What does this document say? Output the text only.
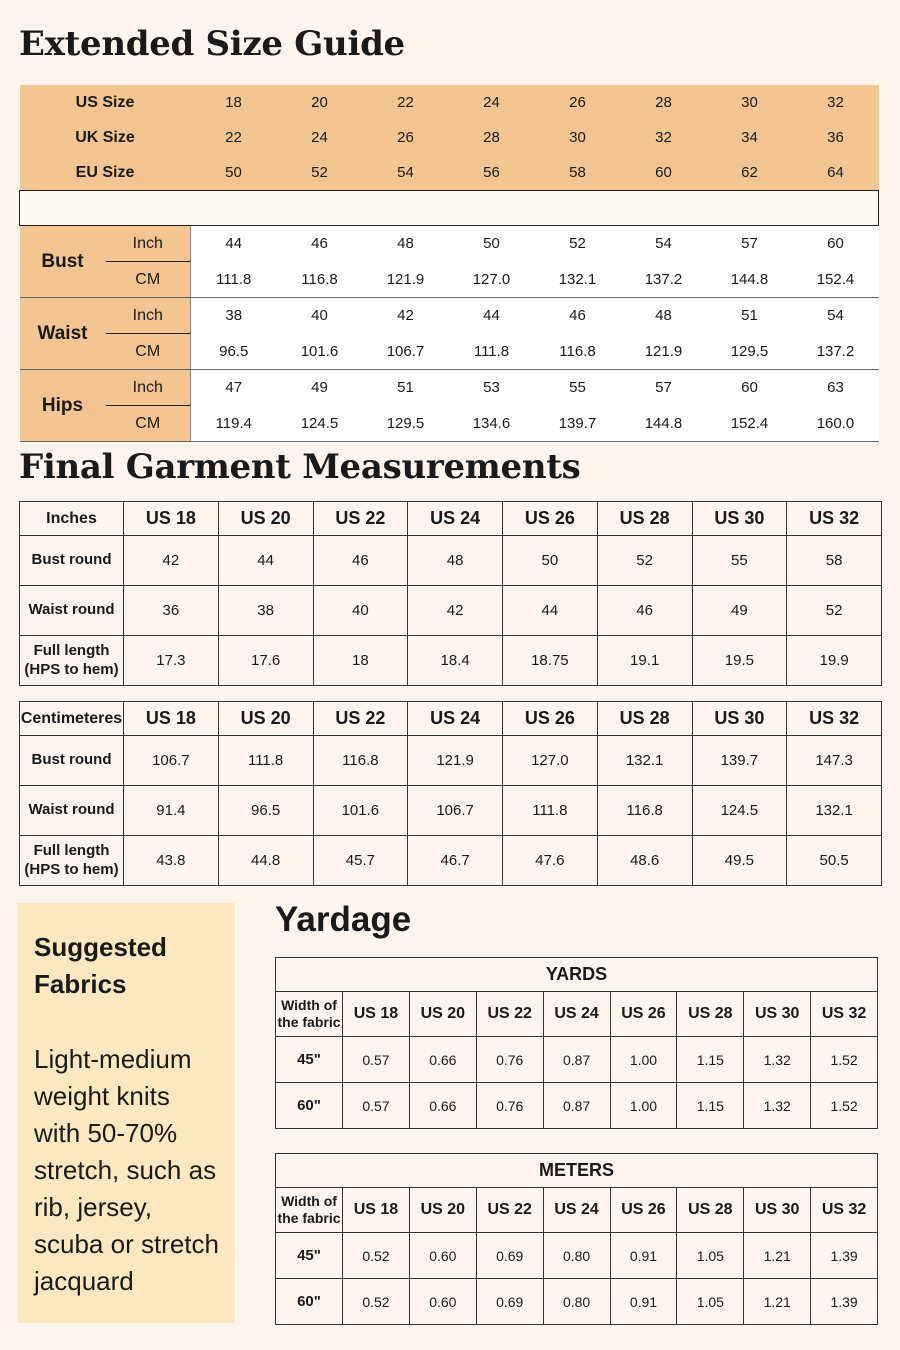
Extended Size Guide
US Size		18	20	22	24	26	28	30	32
UK Size		22	24	26	28	30	32	34	36
EU Size		50	52	54	56	58	60	62	64

Bust	Inch	44	46	48	50	52	54	57	60
	CM	111.8	116.8	121.9	127.0	132.1	137.2	144.8	152.4
Waist	Inch	38	40	42	44	46	48	51	54
	CM	96.5	101.6	106.7	111.8	116.8	121.9	129.5	137.2
Hips	Inch	47	49	51	53	55	57	60	63
	CM	119.4	124.5	129.5	134.6	139.7	144.8	152.4	160.0
Final Garment Measurements
Inches	US 18	US 20	US 22	US 24	US 26	US 28	US 30	US 32
Bust round	42	44	46	48	50	52	55	58
Waist round	36	38	40	42	44	46	49	52
Full length
(HPS to hem)	17.3	17.6	18	18.4	18.75	19.1	19.5	19.9
Centimeteres	US 18	US 20	US 22	US 24	US 26	US 28	US 30	US 32
Bust round	106.7	111.8	116.8	121.9	127.0	132.1	139.7	147.3
Waist round	91.4	96.5	101.6	106.7	111.8	116.8	124.5	132.1
Full length
(HPS to hem)	43.8	44.8	45.7	46.7	47.6	48.6	49.5	50.5

Suggested
Fabrics

Light-medium weight knits with 50-70% stretch, such as rib, jersey, scuba or stretch jacquard

Yardage
YARDS								
Width of
the fabric	US 18	US 20	US 22	US 24	US 26	US 28	US 30	US 32
45"	0.57	0.66	0.76	0.87	1.00	1.15	1.32	1.52
60"	0.57	0.66	0.76	0.87	1.00	1.15	1.32	1.52
METERS								
Width of
the fabric	US 18	US 20	US 22	US 24	US 26	US 28	US 30	US 32
45"	0.52	0.60	0.69	0.80	0.91	1.05	1.21	1.39
60"	0.52	0.60	0.69	0.80	0.91	1.05	1.21	1.39
